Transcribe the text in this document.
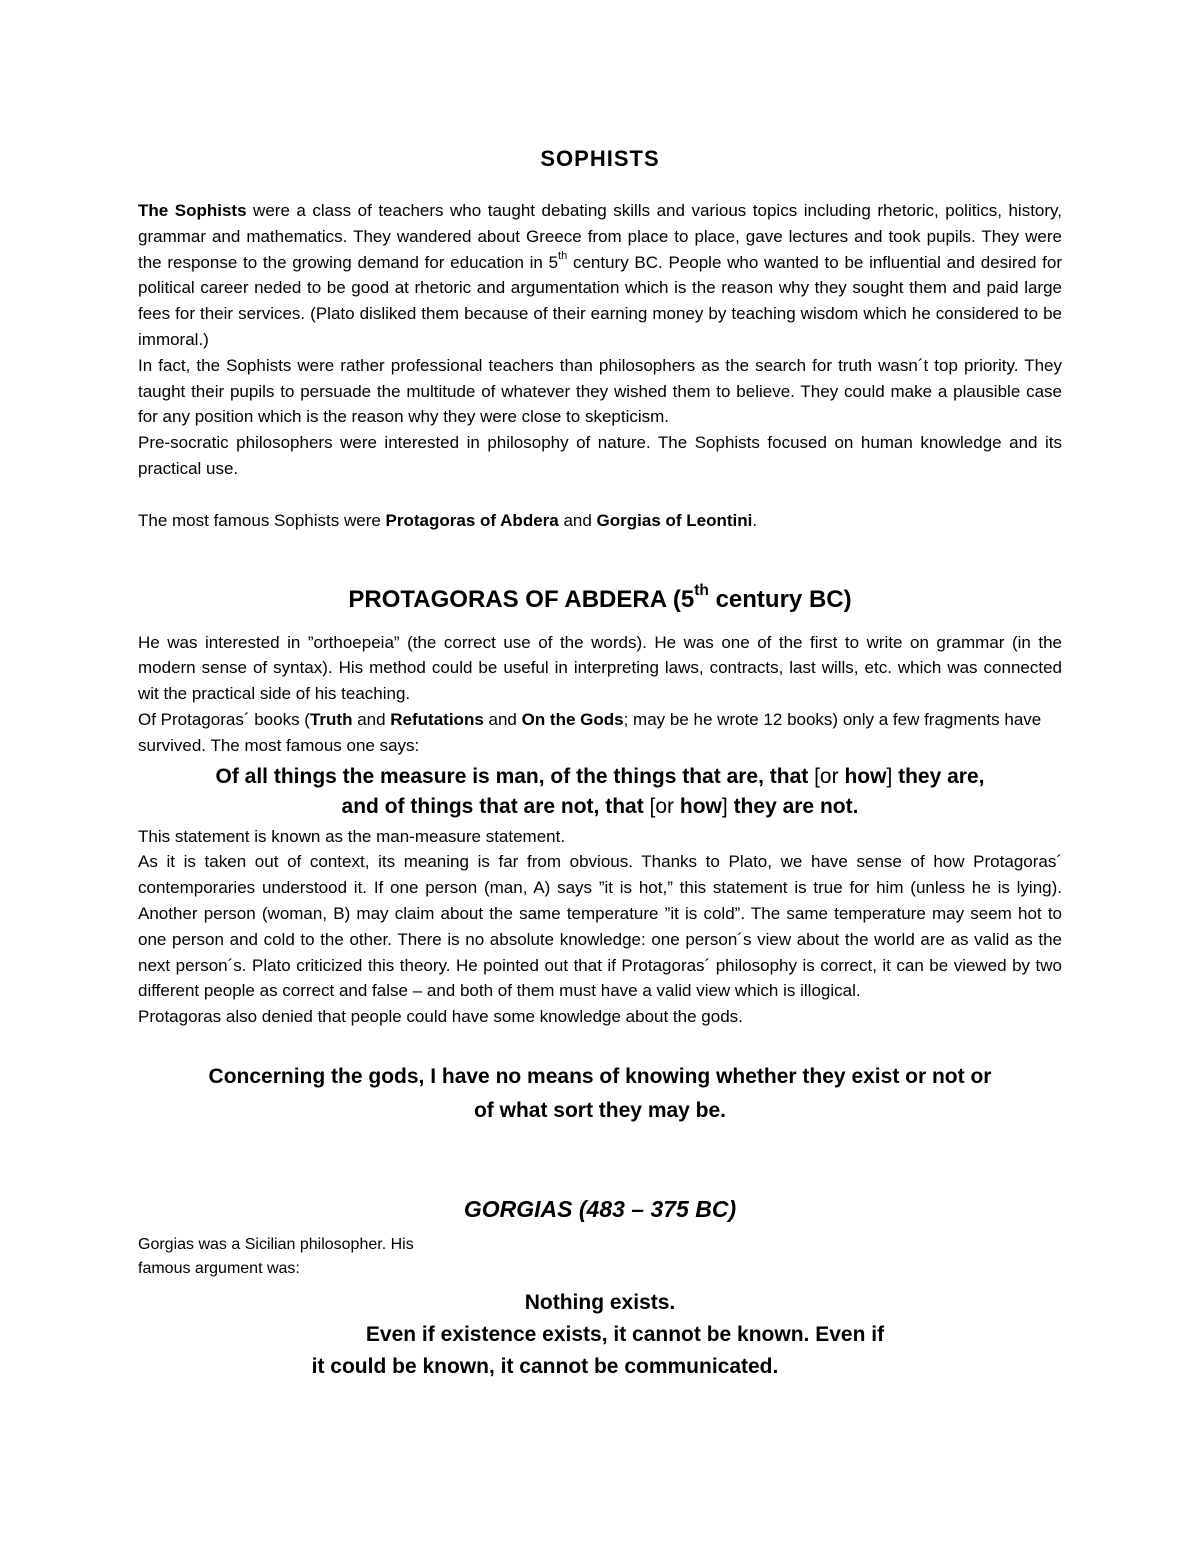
SOPHISTS

The Sophists were a class of teachers who taught debating skills and various topics including rhetoric, politics, history, grammar and mathematics. They wandered about Greece from place to place, gave lectures and took pupils. They were the response to the growing demand for education in 5th century BC. People who wanted to be influential and desired for political career neded to be good at rhetoric and argumentation which is the reason why they sought them and paid large fees for their services. (Plato disliked them because of their earning money by teaching wisdom which he considered to be immoral.)

In fact, the Sophists were rather professional teachers than philosophers as the search for truth wasn´t top priority. They taught their pupils to persuade the multitude of whatever they wished them to believe. They could make a plausible case for any position which is the reason why they were close to skepticism.

Pre-socratic philosophers were interested in philosophy of nature. The Sophists focused on human knowledge and its practical use.

The most famous Sophists were Protagoras of Abdera and Gorgias of Leontini.

PROTAGORAS OF ABDERA (5th century BC)

He was interested in ”orthoepeia” (the correct use of the words). He was one of the first to write on grammar (in the modern sense of syntax). His method could be useful in interpreting laws, contracts, last wills, etc. which was connected wit the practical side of his teaching.

Of Protagoras´ books (Truth and Refutations and On the Gods; may be he wrote 12 books) only a few fragments have survived. The most famous one says:

Of all things the measure is man, of the things that are, that [or how] they are,
and of things that are not, that [or how] they are not.

This statement is known as the man-measure statement.

As it is taken out of context, its meaning is far from obvious. Thanks to Plato, we have sense of how Protagoras´ contemporaries understood it. If one person (man, A) says ”it is hot,” this statement is true for him (unless he is lying). Another person (woman, B) may claim about the same temperature ”it is cold”. The same temperature may seem hot to one person and cold to the other. There is no absolute knowledge: one person´s view about the world are as valid as the next person´s. Plato criticized this theory. He pointed out that if Protagoras´ philosophy is correct, it can be viewed by two different people as correct and false – and both of them must have a valid view which is illogical.

Protagoras also denied that people could have some knowledge about the gods.

Concerning the gods, I have no means of knowing whether they exist or not or
of what sort they may be.
GORGIAS (483 – 375 BC)

Gorgias was a Sicilian philosopher. His
famous argument was:

Nothing exists.
Even if existence exists, it cannot be known. Even if
it could be known, it cannot be communicated.
